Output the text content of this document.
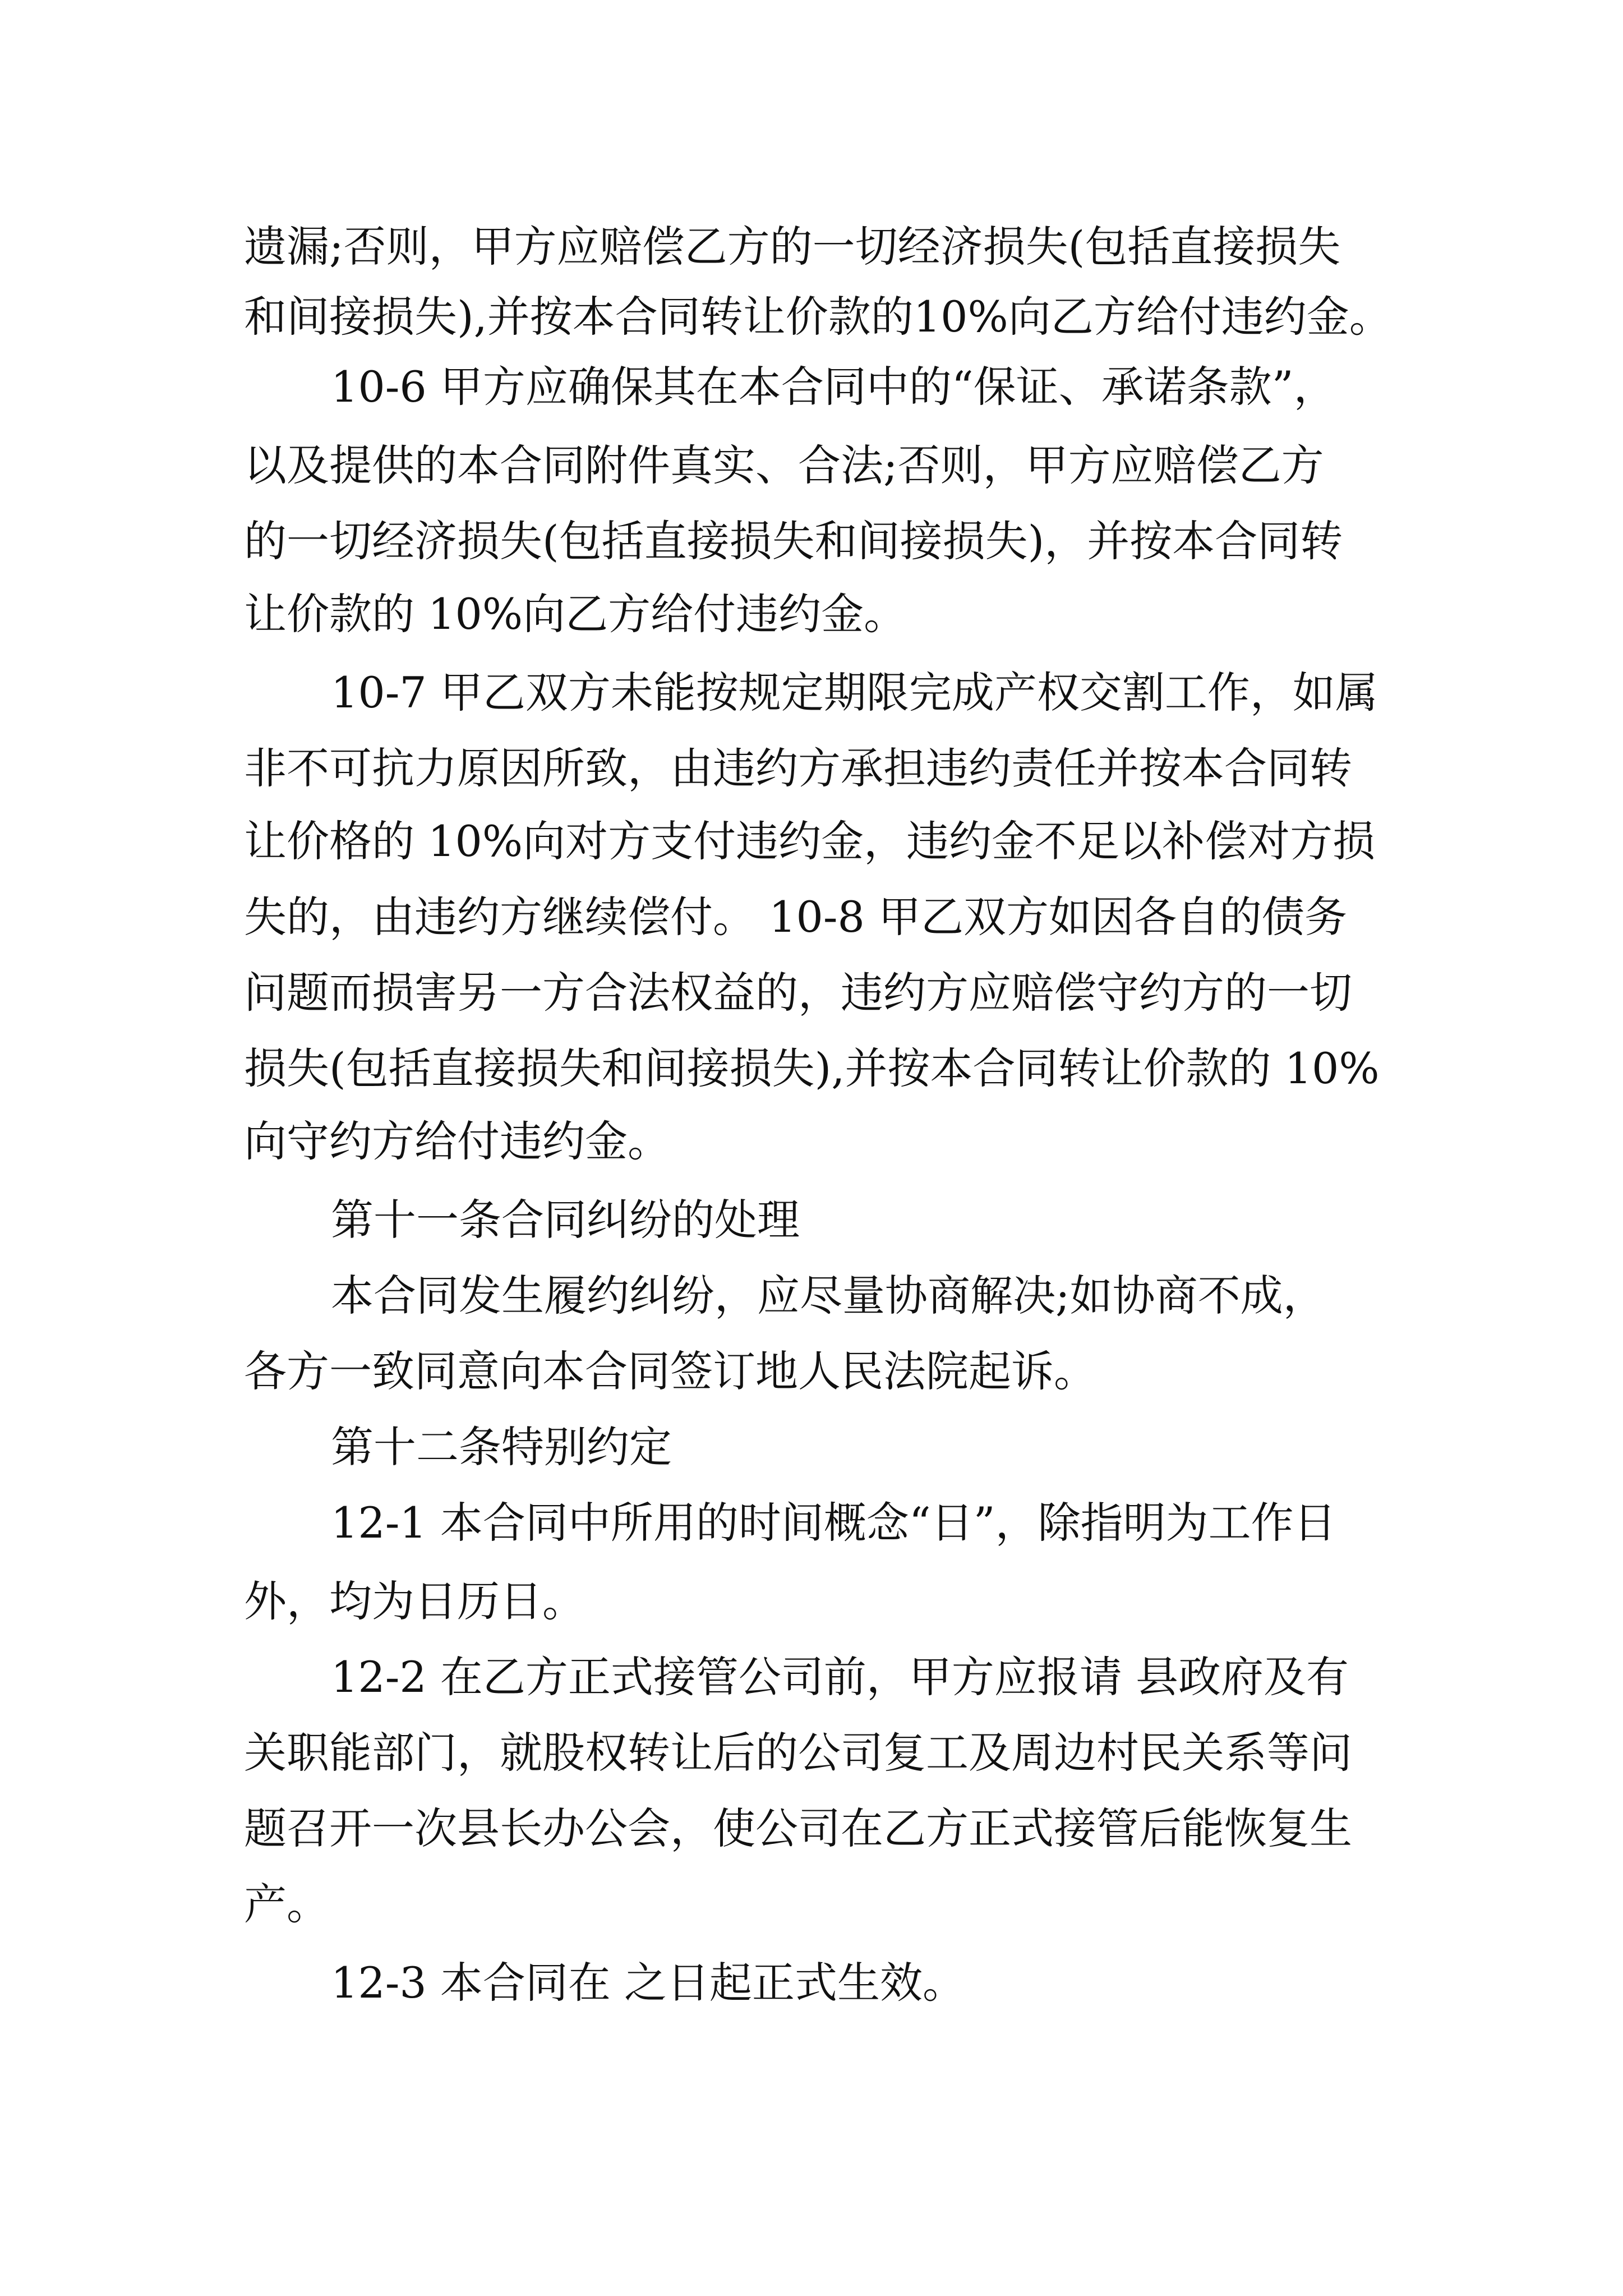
遗漏;否则，甲方应赔偿乙方的一切经济损失(包括直接损失

和间接损失),并按本合同转让价款的10%向乙方给付违约金。

10-6 甲方应确保其在本合同中的“保证、承诺条款”，

以及提供的本合同附件真实、合法;否则，甲方应赔偿乙方

的一切经济损失(包括直接损失和间接损失)，并按本合同转

让价款的 10%向乙方给付违约金。

10-7 甲乙双方未能按规定期限完成产权交割工作，如属

非不可抗力原因所致，由违约方承担违约责任并按本合同转

让价格的 10%向对方支付违约金，违约金不足以补偿对方损

失的，由违约方继续偿付。 10-8 甲乙双方如因各自的债务

问题而损害另一方合法权益的，违约方应赔偿守约方的一切

损失(包括直接损失和间接损失),并按本合同转让价款的 10%

向守约方给付违约金。

第十一条合同纠纷的处理

本合同发生履约纠纷，应尽量协商解决;如协商不成，

各方一致同意向本合同签订地人民法院起诉。

第十二条特别约定

12-1 本合同中所用的时间概念“日”，除指明为工作日

外，均为日历日。

12-2 在乙方正式接管公司前，甲方应报请 县政府及有

关职能部门，就股权转让后的公司复工及周边村民关系等问

题召开一次县长办公会，使公司在乙方正式接管后能恢复生

产。

12-3 本合同在 之日起正式生效。
